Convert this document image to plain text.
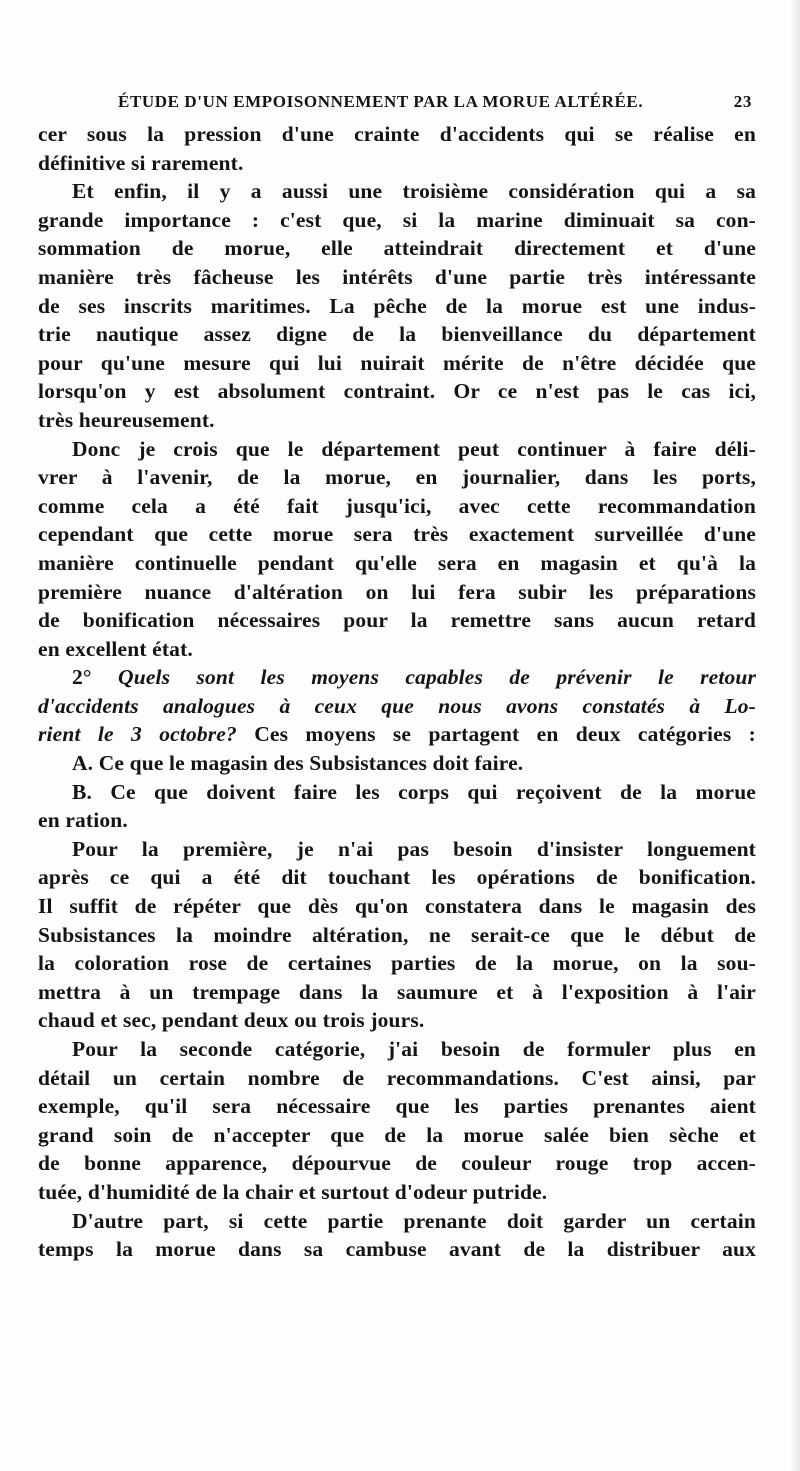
ÉTUDE D'UN EMPOISONNEMENT PAR LA MORUE ALTÉRÉE.	23
cer sous la pression d'une crainte d'accidents qui se réalise en
définitive si rarement.
Et enfin, il y a aussi une troisième considération qui a sa
grande importance : c'est que, si la marine diminuait sa con-
sommation de morue, elle atteindrait directement et d'une
manière très fâcheuse les intérêts d'une partie très intéressante
de ses inscrits maritimes. La pêche de la morue est une indus-
trie nautique assez digne de la bienveillance du département
pour qu'une mesure qui lui nuirait mérite de n'être décidée que
lorsqu'on y est absolument contraint. Or ce n'est pas le cas ici,
très heureusement.
Donc je crois que le département peut continuer à faire déli-
vrer à l'avenir, de la morue, en journalier, dans les ports,
comme cela a été fait jusqu'ici, avec cette recommandation
cependant que cette morue sera très exactement surveillée d'une
manière continuelle pendant qu'elle sera en magasin et qu'à la
première nuance d'altération on lui fera subir les préparations
de bonification nécessaires pour la remettre sans aucun retard
en excellent état.
2° Quels sont les moyens capables de prévenir le retour
d'accidents analogues à ceux que nous avons constatés à Lo-
rient le 3 octobre? Ces moyens se partagent en deux catégories :
A. Ce que le magasin des Subsistances doit faire.
B. Ce que doivent faire les corps qui reçoivent de la morue
en ration.
Pour la première, je n'ai pas besoin d'insister longuement
après ce qui a été dit touchant les opérations de bonification.
Il suffit de répéter que dès qu'on constatera dans le magasin des
Subsistances la moindre altération, ne serait-ce que le début de
la coloration rose de certaines parties de la morue, on la sou-
mettra à un trempage dans la saumure et à l'exposition à l'air
chaud et sec, pendant deux ou trois jours.
Pour la seconde catégorie, j'ai besoin de formuler plus en
détail un certain nombre de recommandations. C'est ainsi, par
exemple, qu'il sera nécessaire que les parties prenantes aient
grand soin de n'accepter que de la morue salée bien sèche et
de bonne apparence, dépourvue de couleur rouge trop accen-
tuée, d'humidité de la chair et surtout d'odeur putride.
D'autre part, si cette partie prenante doit garder un certain
temps la morue dans sa cambuse avant de la distribuer aux
